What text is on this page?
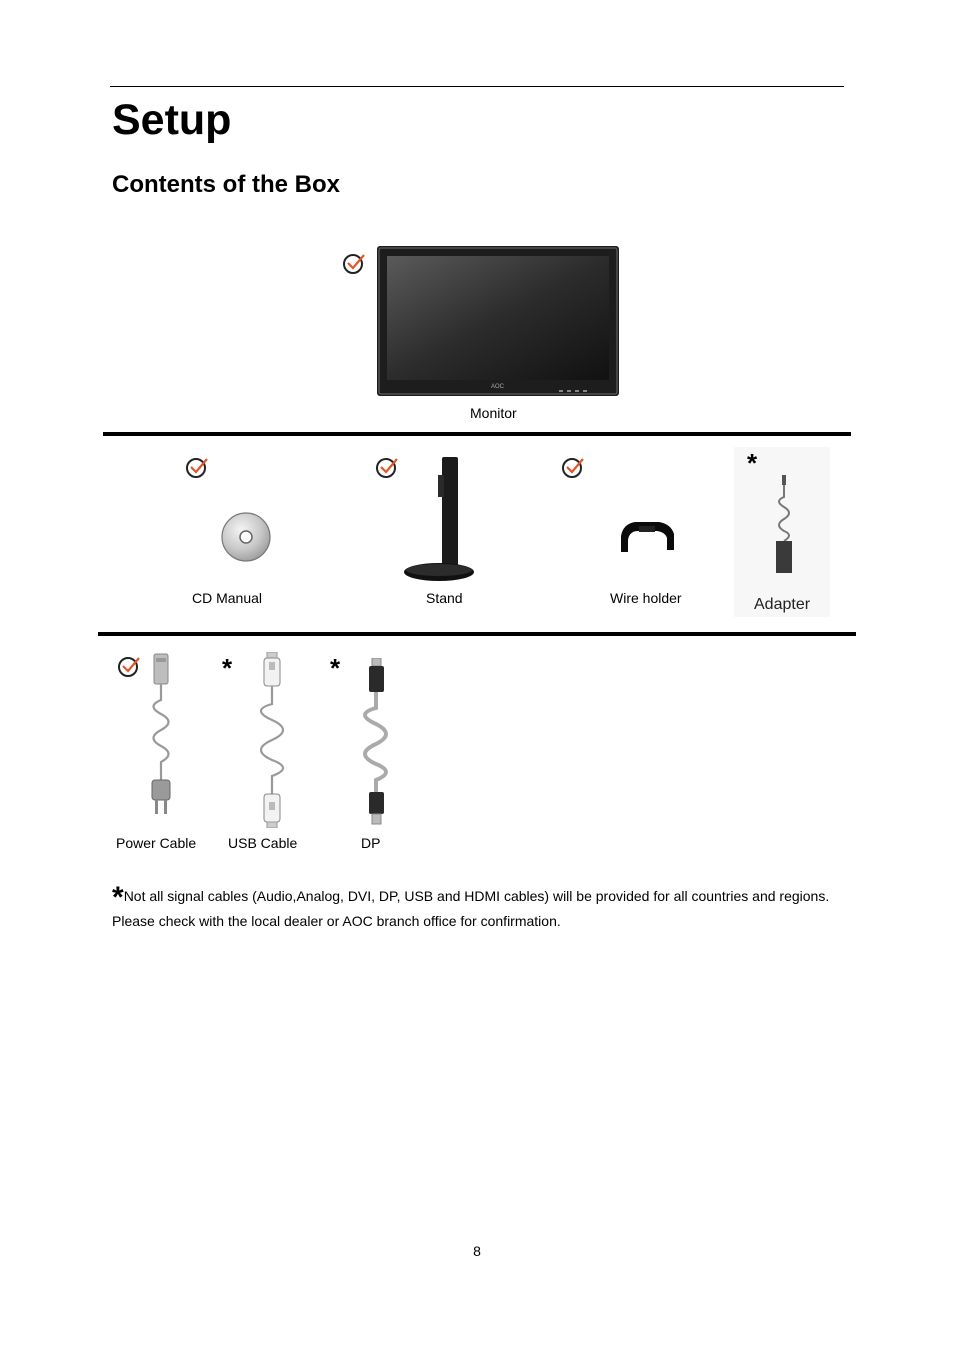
Setup
Contents of the Box
AOC
Monitor
CD Manual	Stand	Wire holder
*
Adapter
Power Cable
*
USB Cable
*
DP
*Not all signal cables (Audio,Analog, DVI, DP, USB and HDMI cables) will be provided for all countries and regions. Please check with the local dealer or AOC branch office for confirmation.
8
